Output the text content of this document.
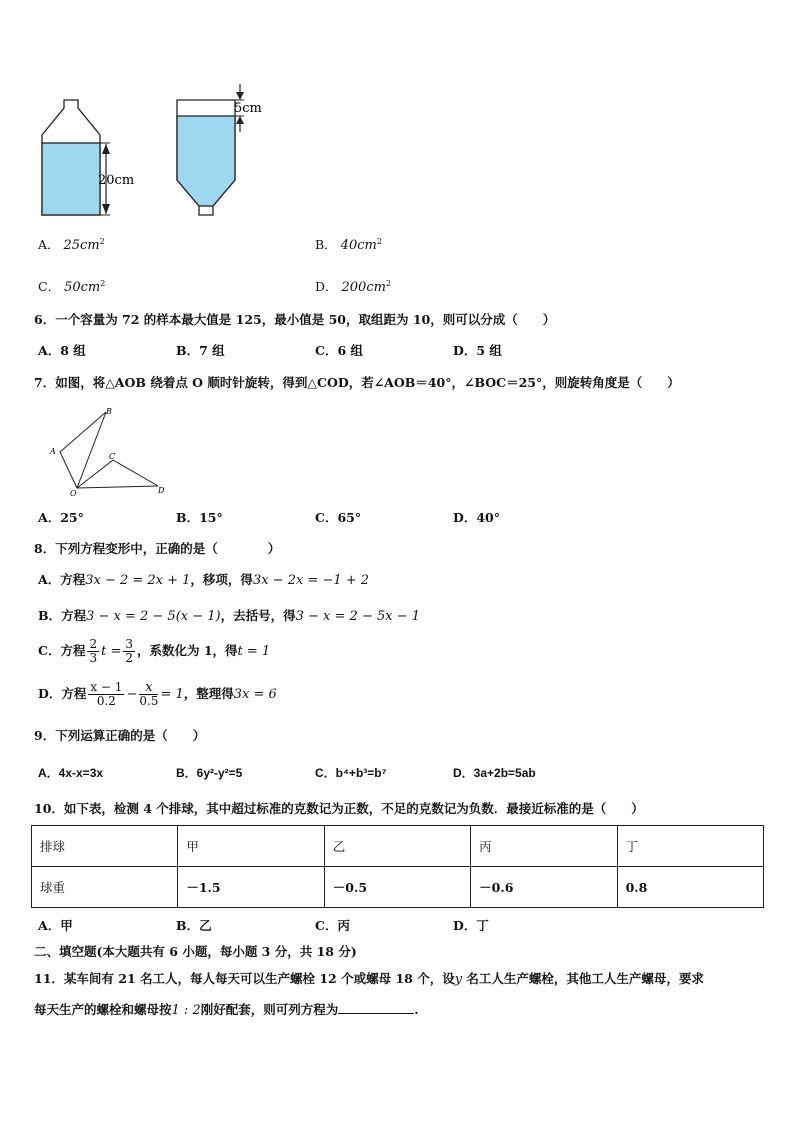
20cm
5cm
A． $25cm^2$	B． $40cm^2$
C． $50cm^2$	D． $200cm^2$
6．一个容量为 72 的样本最大值是 125，最小值是 50，取组距为 10，则可以分成（　　）
A．8 组	B．7 组	C．6 组	D．5 组
7．如图，将△AOB 绕着点 O 顺时针旋转，得到△COD，若∠AOB＝40°，∠BOC＝25°，则旋转角度是（　　）
B
A
C
O	D
A．25°	B．15°	C．65°	D．40°
8．下列方程变形中，正确的是（　　　　）
A．方程3x − 2 = 2x + 1，移项，得3x − 2x = −1 + 2
B．方程3 − x = 2 − 5(x − 1)，去括号，得3 − x = 2 − 5x − 1
C．方程 $\frac{2}{3}$ $t = \frac{3}{2}$ ，系数化为 1，得t = 1
D．方程 $\frac{x - 1}{0.2} - \frac{x}{0.5} = 1$，整理得3x = 6
9．下列运算正确的是（　　）
A．4x-x=3x	B．6y²-y²=5	C．b⁴+b³=b⁷	D．3a+2b=5ab
10．如下表，检测 4 个排球，其中超过标准的克数记为正数，不足的克数记为负数．最接近标准的是（　　）
排球	甲	乙	丙	丁
球重	－1.5	－0.5	－0.6	0.8
A．甲	B．乙	C．丙	D．丁
二、填空题(本大题共有 6 小题，每小题 3 分，共 18 分)
11．某车间有 21 名工人，每人每天可以生产螺栓 12 个或螺母 18 个，设y 名工人生产螺栓，其他工人生产螺母，要求
每天生产的螺栓和螺母按1 : 2刚好配套，则可列方程为	.
